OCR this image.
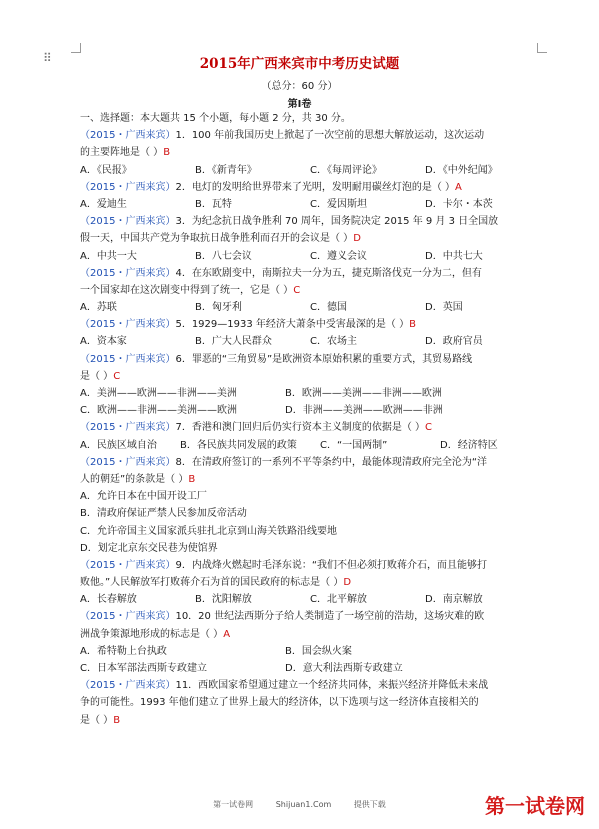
⠿	2015年广西来宾市中考历史试题
（总分：60 分）
第Ⅰ卷
一、选择题：本大题共 15 个小题，每小题 2 分，共 30 分。
（2015・广西来宾）1．100 年前我国历史上掀起了一次空前的思想大解放运动，这次运动
的主要阵地是（ ）B
A．《民报》	B．《新青年》	C．《每周评论》	D．《中外纪闻》
（2015・广西来宾）2．电灯的发明给世界带来了光明，发明耐用碳丝灯泡的是（ ）A
A．爱迪生	B．瓦特	C．爱因斯坦	D．卡尔・本茨
（2015・广西来宾）3．为纪念抗日战争胜利 70 周年，国务院决定 2015 年 9 月 3 日全国放
假一天，中国共产党为争取抗日战争胜利而召开的会议是（ ）D
A．中共一大	B．八七会议	C．遵义会议	D．中共七大
（2015・广西来宾）4．在东欧剧变中，南斯拉夫一分为五，捷克斯洛伐克一分为二，但有
一个国家却在这次剧变中得到了统一，它是（ ）C
A．苏联	B．匈牙利	C．德国	D．英国
（2015・广西来宾）5．1929—1933 年经济大萧条中受害最深的是（ ）B
A．资本家	B．广大人民群众	C．农场主	D．政府官员
（2015・广西来宾）6．罪恶的“三角贸易”是欧洲资本原始积累的重要方式，其贸易路线
是（ ）C
A．美洲——欧洲——非洲——美洲	B．欧洲——美洲——非洲——欧洲
C．欧洲——非洲——美洲——欧洲	D．非洲——美洲——欧洲——非洲
（2015・广西来宾）7．香港和澳门回归后仍实行资本主义制度的依据是（ ）C
A．民族区域自治	B．各民族共同发展的政策	C．“一国两制”	D．经济特区
（2015・广西来宾）8．在清政府签订的一系列不平等条约中，最能体现清政府完全沦为“洋
人的朝廷”的条款是（ ）B
A．允许日本在中国开设工厂
B．清政府保证严禁人民参加反帝活动
C．允许帝国主义国家派兵驻扎北京到山海关铁路沿线要地
D．划定北京东交民巷为使馆界
（2015・广西来宾）9．内战烽火燃起时毛泽东说：“我们不但必须打败蒋介石，而且能够打
败他。”人民解放军打败蒋介石为首的国民政府的标志是（ ）D
A．长春解放	B．沈阳解放	C．北平解放	D．南京解放
（2015・广西来宾）10．20 世纪法西斯分子给人类制造了一场空前的浩劫，这场灾难的欧
洲战争策源地形成的标志是（ ）A
A．希特勒上台执政	B．国会纵火案
C．日本军部法西斯专政建立	D．意大利法西斯专政建立
（2015・广西来宾）11．西欧国家希望通过建立一个经济共同体，来振兴经济并降低未来战
争的可能性。1993 年他们建立了世界上最大的经济体，以下选项与这一经济体直接相关的
是（ ）B
第一试卷网	Shijuan1.Com	提供下载	第一试卷网
